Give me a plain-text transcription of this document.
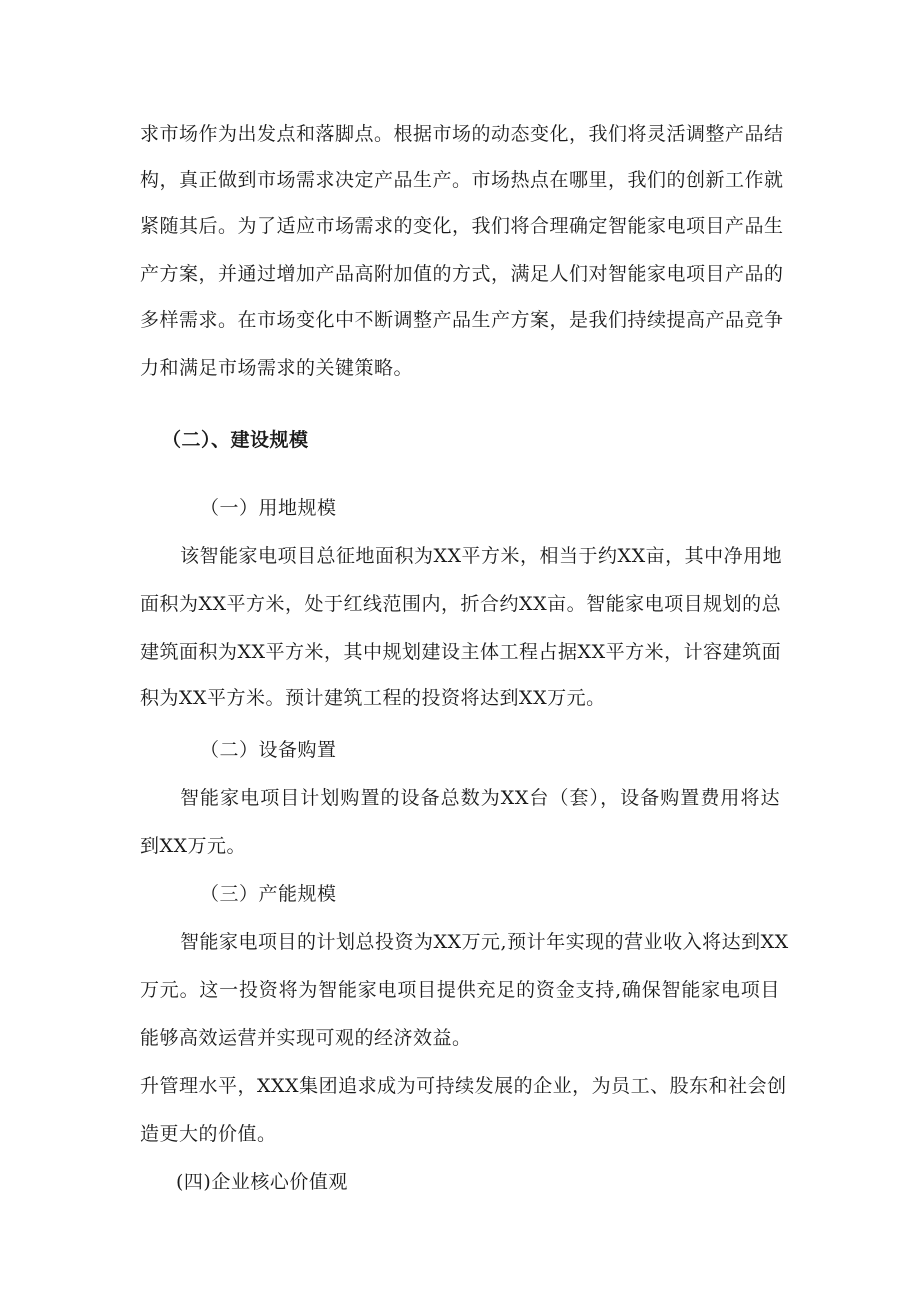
求市场作为出发点和落脚点。根据市场的动态变化，我们将灵活调整产品结
构，真正做到市场需求决定产品生产。市场热点在哪里，我们的创新工作就
紧随其后。为了适应市场需求的变化，我们将合理确定智能家电项目产品生
产方案，并通过增加产品高附加值的方式，满足人们对智能家电项目产品的
多样需求。在市场变化中不断调整产品生产方案，是我们持续提高产品竞争
力和满足市场需求的关键策略。
（二）、建设规模
（一）用地规模
该智能家电项目总征地面积为XX平方米，相当于约XX亩，其中净用地
面积为XX平方米，处于红线范围内，折合约XX亩。智能家电项目规划的总
建筑面积为XX平方米，其中规划建设主体工程占据XX平方米，计容建筑面
积为XX平方米。预计建筑工程的投资将达到XX万元。
（二）设备购置
智能家电项目计划购置的设备总数为XX台（套），设备购置费用将达
到XX万元。
（三）产能规模
智能家电项目的计划总投资为XX万元,预计年实现的营业收入将达到XX
万元。这一投资将为智能家电项目提供充足的资金支持,确保智能家电项目
能够高效运营并实现可观的经济效益。
升管理水平，XXX集团追求成为可持续发展的企业，为员工、股东和社会创
造更大的价值。
(四)企业核心价值观
